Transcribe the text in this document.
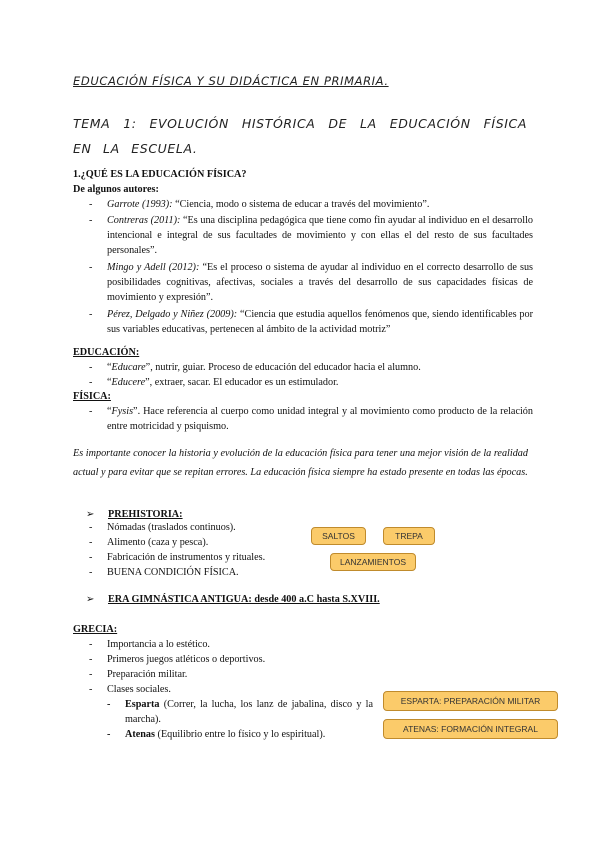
EDUCACIÓN FÍSICA Y SU DIDÁCTICA EN PRIMARIA.
TEMA 1: EVOLUCIÓN HISTÓRICA DE LA EDUCACIÓN FÍSICA EN LA ESCUELA.
1.¿QUÉ ES LA EDUCACIÓN FÍSICA?
De algunos autores:
- Garrote (1993): “Ciencia, modo o sistema de educar a través del movimiento”.
- Contreras (2011): “Es una disciplina pedagógica que tiene como fin ayudar al individuo en el desarrollo intencional e integral de sus facultades de movimiento y con ellas el del resto de sus facultades personales”.
- Mingo y Adell (2012): “Es el proceso o sistema de ayudar al individuo en el correcto desarrollo de sus posibilidades cognitivas, afectivas, sociales a través del desarrollo de sus capacidades físicas de movimiento y expresión”.
- Pérez, Delgado y Niñez (2009): “Ciencia que estudia aquellos fenómenos que, siendo identificables por sus variables educativas, pertenecen al ámbito de la actividad motriz”
EDUCACIÓN:
- “Educare”, nutrir, guiar. Proceso de educación del educador hacia el alumno.
- “Educere”, extraer, sacar. El educador es un estimulador.
FÍSICA:
- “Fysis”. Hace referencia al cuerpo como unidad integral y al movimiento como producto de la relación entre motricidad y psiquismo.
Es importante conocer la historia y evolución de la educación física para tener una mejor visión de la realidad actual y para evitar que se repitan errores. La educación física siempre ha estado presente en todas las épocas.
➢ PREHISTORIA:
- Nómadas (traslados continuos).
- Alimento (caza y pesca).
- Fabricación de instrumentos y rituales.
- BUENA CONDICIÓN FÍSICA.
SALTOS	TREPA
LANZAMIENTOS
➢ ERA GIMNÁSTICA ANTIGUA: desde 400 a.C hasta S.XVIII.
GRECIA:
- Importancia a lo estético.
- Primeros juegos atléticos o deportivos.
- Preparación militar.
- Clases sociales.
- Esparta (Correr, la lucha, los lanz de jabalina, disco y la marcha).
- Atenas (Equilibrio entre lo físico y lo espiritual).
ESPARTA: PREPARACIÓN MILITAR
ATENAS: FORMACIÓN INTEGRAL
